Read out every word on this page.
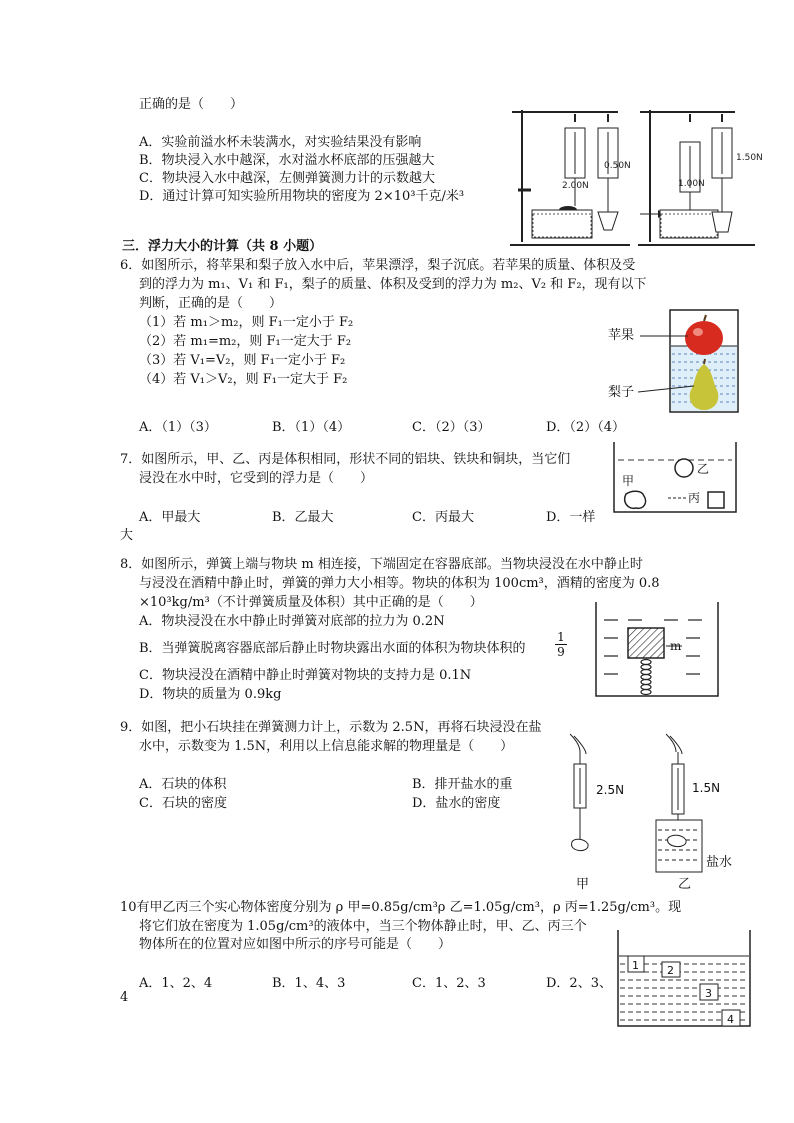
正确的是（　　）
A．实验前溢水杯未装满水，对实验结果没有影响
B．物块浸入水中越深，水对溢水杯底部的压强越大
C．物块浸入水中越深，左侧弹簧测力计的示数越大
D．通过计算可知实验所用物块的密度为 2×10³千克/米³
2.00N
0.50N
1.00N
1.50N
三．浮力大小的计算（共 8 小题）
6．如图所示，将苹果和梨子放入水中后，苹果漂浮，梨子沉底。若苹果的质量、体积及受
到的浮力为 m₁、V₁ 和 F₁，梨子的质量、体积及受到的浮力为 m₂、V₂ 和 F₂，现有以下
判断，正确的是（　　）
（1）若 m₁＞m₂，则 F₁一定小于 F₂
（2）若 m₁=m₂，则 F₁一定大于 F₂
（3）若 V₁=V₂，则 F₁一定小于 F₂
（4）若 V₁＞V₂，则 F₁一定大于 F₂
A．（1）（3）	B．（1）（4）	C．（2）（3）	D．（2）（4）
苹果
梨子
7．如图所示，甲、乙、丙是体积相同，形状不同的铝块、铁块和铜块，当它们
浸没在水中时，它受到的浮力是（　　）
A．甲最大	B．乙最大	C．丙最大	D．一样
大
乙
甲
丙
8．如图所示，弹簧上端与物块 m 相连接，下端固定在容器底部。当物块浸没在水中静止时
与浸没在酒精中静止时，弹簧的弹力大小相等。物块的体积为 100cm³，酒精的密度为 0.8
×10³kg/m³（不计弹簧质量及体积）其中正确的是（　　）
A．物块浸没在水中静止时弹簧对底部的拉力为 0.2N
B．当弹簧脱离容器底部后静止时物块露出水面的体积为物块体积的 $\frac{1}{9}$
C．物块浸没在酒精中静止时弹簧对物块的支持力是 0.1N
D．物块的质量为 0.9kg
m
9．如图，把小石块挂在弹簧测力计上，示数为 2.5N，再将石块浸没在盐
水中，示数变为 1.5N，利用以上信息能求解的物理量是（　　）
A．石块的体积	B．排开盐水的重
C．石块的密度	D．盐水的密度
2.5N
甲
1.5N
盐水
乙
10有甲乙丙三个实心物体密度分别为 ρ 甲=0.85g/cm³ρ 乙=1.05g/cm³，ρ 丙=1.25g/cm³。现
将它们放在密度为 1.05g/cm³的液体中，当三个物体静止时，甲、乙、丙三个
物体所在的位置对应如图中所示的序号可能是（　　）
A．1、2、4	B．1、4、3	C．1、2、3	D．2、3、
4
1	2
3
4
